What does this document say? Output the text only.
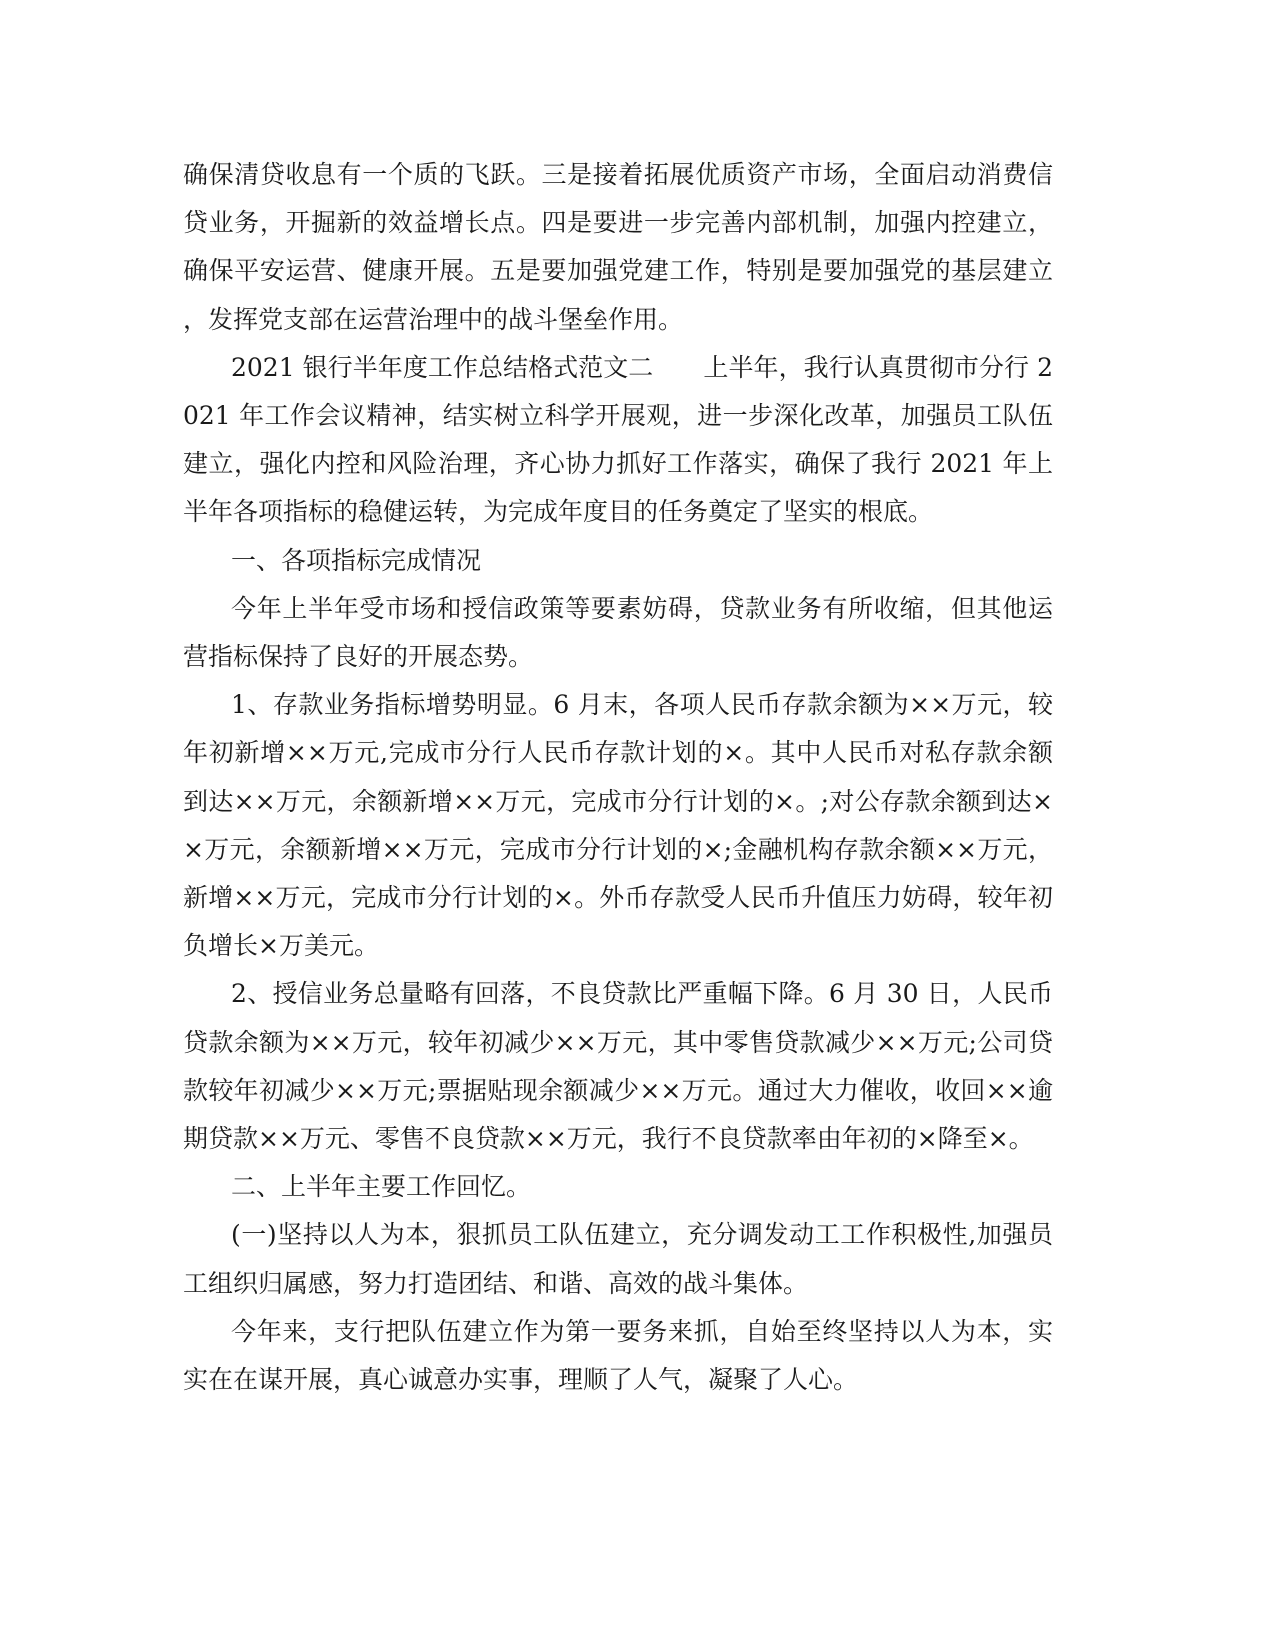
确保清贷收息有一个质的飞跃。三是接着拓展优质资产市场，全面启动消费信贷业务，开掘新的效益增长点。四是要进一步完善内部机制，加强内控建立，确保平安运营、健康开展。五是要加强党建工作，特别是要加强党的基层建立，发挥党支部在运营治理中的战斗堡垒作用。

2021 银行半年度工作总结格式范文二　　上半年，我行认真贯彻市分行 2021 年工作会议精神，结实树立科学开展观，进一步深化改革，加强员工队伍建立，强化内控和风险治理，齐心协力抓好工作落实，确保了我行 2021 年上半年各项指标的稳健运转，为完成年度目的任务奠定了坚实的根底。

一、各项指标完成情况

今年上半年受市场和授信政策等要素妨碍，贷款业务有所收缩，但其他运营指标保持了良好的开展态势。

1、存款业务指标增势明显。6 月末，各项人民币存款余额为××万元，较年初新增××万元,完成市分行人民币存款计划的×。其中人民币对私存款余额到达××万元，余额新增××万元，完成市分行计划的×。;对公存款余额到达××万元，余额新增××万元，完成市分行计划的×;金融机构存款余额××万元，新增××万元，完成市分行计划的×。外币存款受人民币升值压力妨碍，较年初负增长×万美元。

2、授信业务总量略有回落，不良贷款比严重幅下降。6 月 30 日，人民币贷款余额为××万元，较年初减少××万元，其中零售贷款减少××万元;公司贷款较年初减少××万元;票据贴现余额减少××万元。通过大力催收，收回××逾期贷款××万元、零售不良贷款××万元，我行不良贷款率由年初的×降至×。

二、上半年主要工作回忆。

(一)坚持以人为本，狠抓员工队伍建立，充分调发动工工作积极性,加强员工组织归属感，努力打造团结、和谐、高效的战斗集体。

今年来，支行把队伍建立作为第一要务来抓，自始至终坚持以人为本，实实在在谋开展，真心诚意办实事，理顺了人气，凝聚了人心。
